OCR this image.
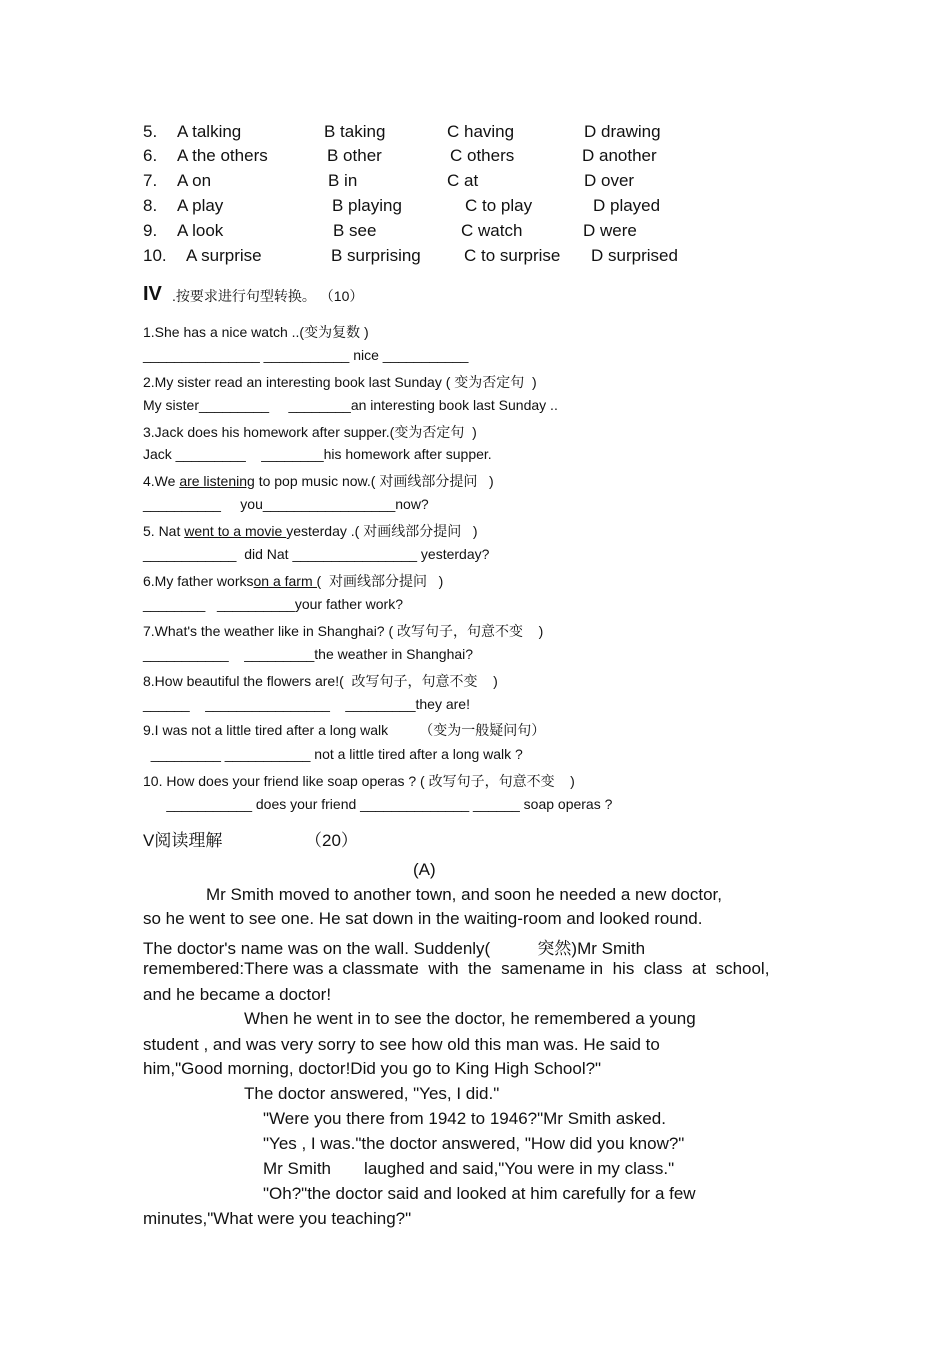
5. A talking	B taking	C having	D drawing
6. A the others	B other	C others	D another
7. A on	B in	C at	D over
8. A play	B playing	C to play	D played
9. A look	B see	C watch	D were
10. A surprise	B surprising	C to surprise D surprised
IV .按要求进行句型转换。 （10）
1.She has a nice watch ..(变为复数 )
_______________ ___________ nice ___________
2.My sister read an interesting book last Sunday ( 变为否定句  )
My sister_________     ________an interesting book last Sunday ..
3.Jack does his homework after supper.(变为否定句  )
Jack _________    ________his homework after supper.
4.We are listening to pop music now.( 对画线部分提问   )
__________     you_________________now?
5. Nat went to a movie yesterday .( 对画线部分提问   )
____________  did Nat ________________ yesterday?
6.My father workson a farm (  对画线部分提问   )
________   __________your father work?
7.What's the weather like in Shanghai? ( 改写句子，句意不变    )
___________    _________the weather in Shanghai?
8.How beautiful the flowers are!(  改写句子，句意不变    )
______    ________________    _________they are!
9.I was not a little tired after a long walk        （变为一般疑问句）
_________ ___________ not a little tired after a long walk ?
10. How does your friend like soap operas ? ( 改写句子，句意不变    )
___________ does your friend ______________ ______ soap operas ?
V阅读理解	（20）
(A)
Mr Smith moved to another town, and soon he needed a new doctor,
so he went to see one. He sat down in the waiting-room and looked round.
The doctor's name was on the wall. Suddenly(          突然)Mr Smith
remembered:There was a classmate  with  the  samename in  his  class  at  school,
and he became a doctor!
When he went in to see the doctor, he remembered a young
student , and was very sorry to see how old this man was. He said to
him,"Good morning, doctor!Did you go to King High School?"
The doctor answered, "Yes, I did."
"Were you there from 1942 to 1946?"Mr Smith asked.
"Yes , I was."the doctor answered, "How did you know?"
Mr Smith       laughed and said,"You were in my class."
"Oh?"the doctor said and looked at him carefully for a few
minutes,"What were you teaching?"
